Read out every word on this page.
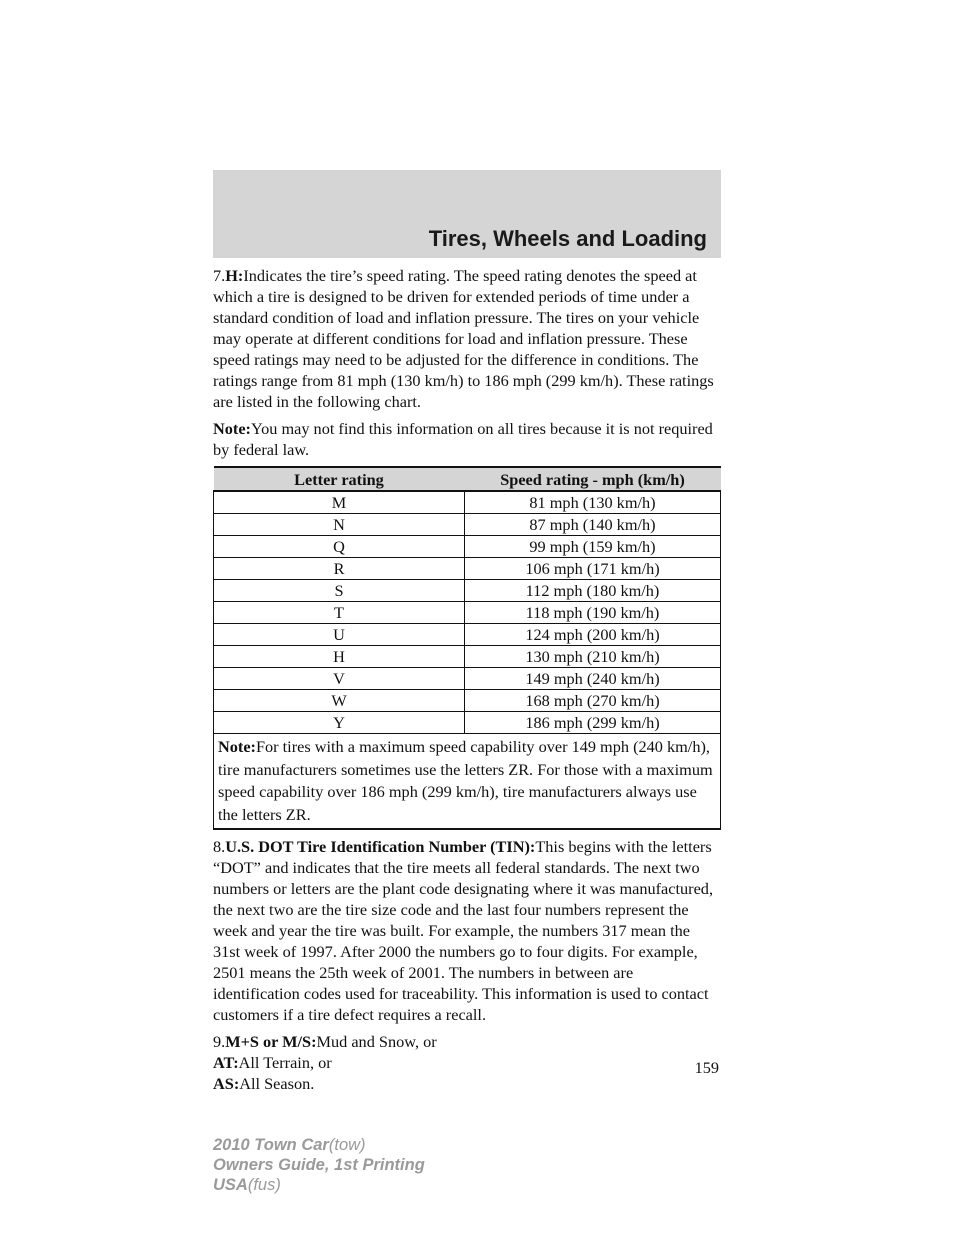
Tires, Wheels and Loading

7.H:Indicates the tire’s speed rating. The speed rating denotes the speed at which a tire is designed to be driven for extended periods of time under a standard condition of load and inflation pressure. The tires on your vehicle may operate at different conditions for load and inflation pressure. These speed ratings may need to be adjusted for the difference in conditions. The ratings range from 81 mph (130 km/h) to 186 mph (299 km/h). These ratings are listed in the following chart.

Note:You may not find this information on all tires because it is not required by federal law.

Letter rating	Speed rating - mph (km/h)
M	81 mph (130 km/h)
N	87 mph (140 km/h)
Q	99 mph (159 km/h)
R	106 mph (171 km/h)
S	112 mph (180 km/h)
T	118 mph (190 km/h)
U	124 mph (200 km/h)
H	130 mph (210 km/h)
V	149 mph (240 km/h)
W	168 mph (270 km/h)
Y	186 mph (299 km/h)
Note:For tires with a maximum speed capability over 149 mph (240 km/h), tire manufacturers sometimes use the letters ZR. For those with a maximum speed capability over 186 mph (299 km/h), tire manufacturers always use the letters ZR.	

8.U.S. DOT Tire Identification Number (TIN):This begins with the letters “DOT” and indicates that the tire meets all federal standards. The next two numbers or letters are the plant code designating where it was manufactured, the next two are the tire size code and the last four numbers represent the week and year the tire was built. For example, the numbers 317 mean the 31st week of 1997. After 2000 the numbers go to four digits. For example, 2501 means the 25th week of 2001. The numbers in between are identification codes used for traceability. This information is used to contact customers if a tire defect requires a recall.

9.M+S or M/S:Mud and Snow, or
AT:All Terrain, or
AS:All Season.

159
2010 Town Car(tow)
Owners Guide, 1st Printing
USA(fus)
